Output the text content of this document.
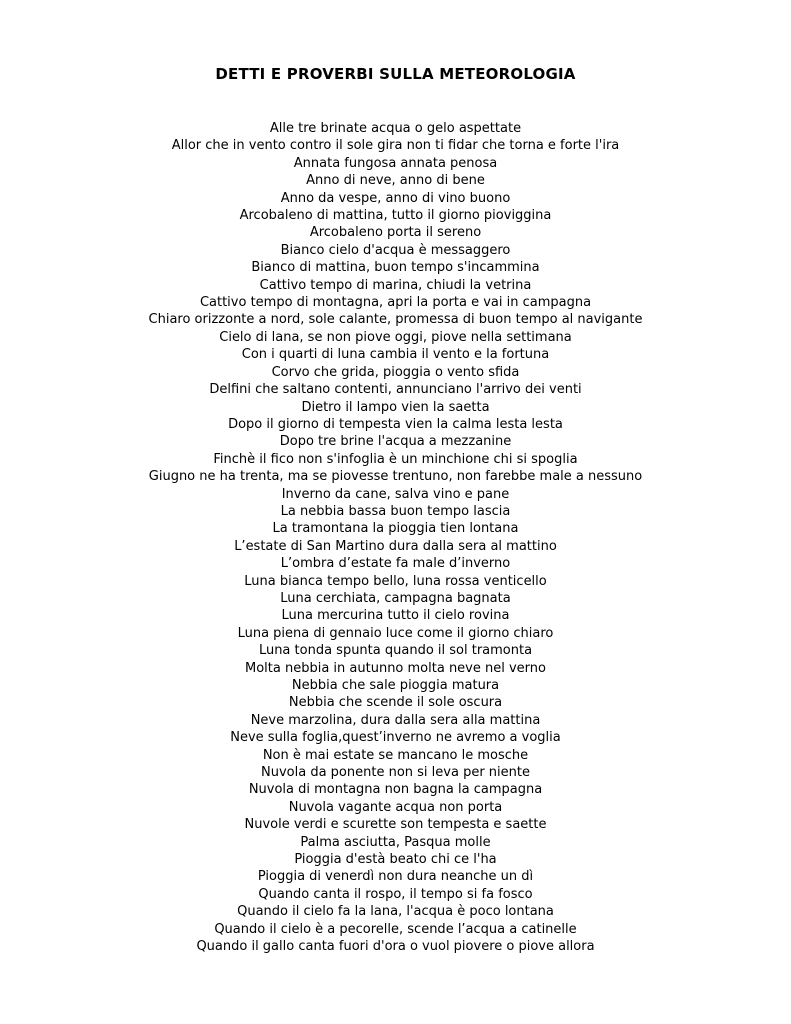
DETTI E PROVERBI SULLA METEOROLOGIA
Alle tre brinate acqua o gelo aspettate
Allor che in vento contro il sole gira non ti fidar che torna e forte l'ira
Annata fungosa annata penosa
Anno di neve, anno di bene
Anno da vespe, anno di vino buono
Arcobaleno di mattina, tutto il giorno pioviggina
Arcobaleno porta il sereno
Bianco cielo d'acqua è messaggero
Bianco di mattina, buon tempo s'incammina
Cattivo tempo di marina, chiudi la vetrina
Cattivo tempo di montagna, apri la porta e vai in campagna
Chiaro orizzonte a nord, sole calante, promessa di buon tempo al navigante
Cielo di lana, se non piove oggi, piove nella settimana
Con i quarti di luna cambia il vento e la fortuna
Corvo che grida, pioggia o vento sfida
Delfini che saltano contenti, annunciano l'arrivo dei venti
Dietro il lampo vien la saetta
Dopo il giorno di tempesta vien la calma lesta lesta
Dopo tre brine l'acqua a mezzanine
Finchè il fico non s'infoglia è un minchione chi si spoglia
Giugno ne ha trenta, ma se piovesse trentuno, non farebbe male a nessuno
Inverno da cane, salva vino e pane
La nebbia bassa buon tempo lascia
La tramontana la pioggia tien lontana
L’estate di San Martino dura dalla sera al mattino
L’ombra d’estate fa male d’inverno
Luna bianca tempo bello, luna rossa venticello
Luna cerchiata, campagna bagnata
Luna mercurina tutto il cielo rovina
Luna piena di gennaio luce come il giorno chiaro
Luna tonda spunta quando il sol tramonta
Molta nebbia in autunno molta neve nel verno
Nebbia che sale pioggia matura
Nebbia che scende il sole oscura
Neve marzolina, dura dalla sera alla mattina
Neve sulla foglia,quest’inverno ne avremo a voglia
Non è mai estate se mancano le mosche
Nuvola da ponente non si leva per niente
Nuvola di montagna non bagna la campagna
Nuvola vagante acqua non porta
Nuvole verdi e scurette son tempesta e saette
Palma asciutta, Pasqua molle
Pioggia d'està beato chi ce l'ha
Pioggia di venerdì non dura neanche un dì
Quando canta il rospo, il tempo si fa fosco
Quando il cielo fa la lana, l'acqua è poco lontana
Quando il cielo è a pecorelle, scende l’acqua a catinelle
Quando il gallo canta fuori d'ora o vuol piovere o piove allora
